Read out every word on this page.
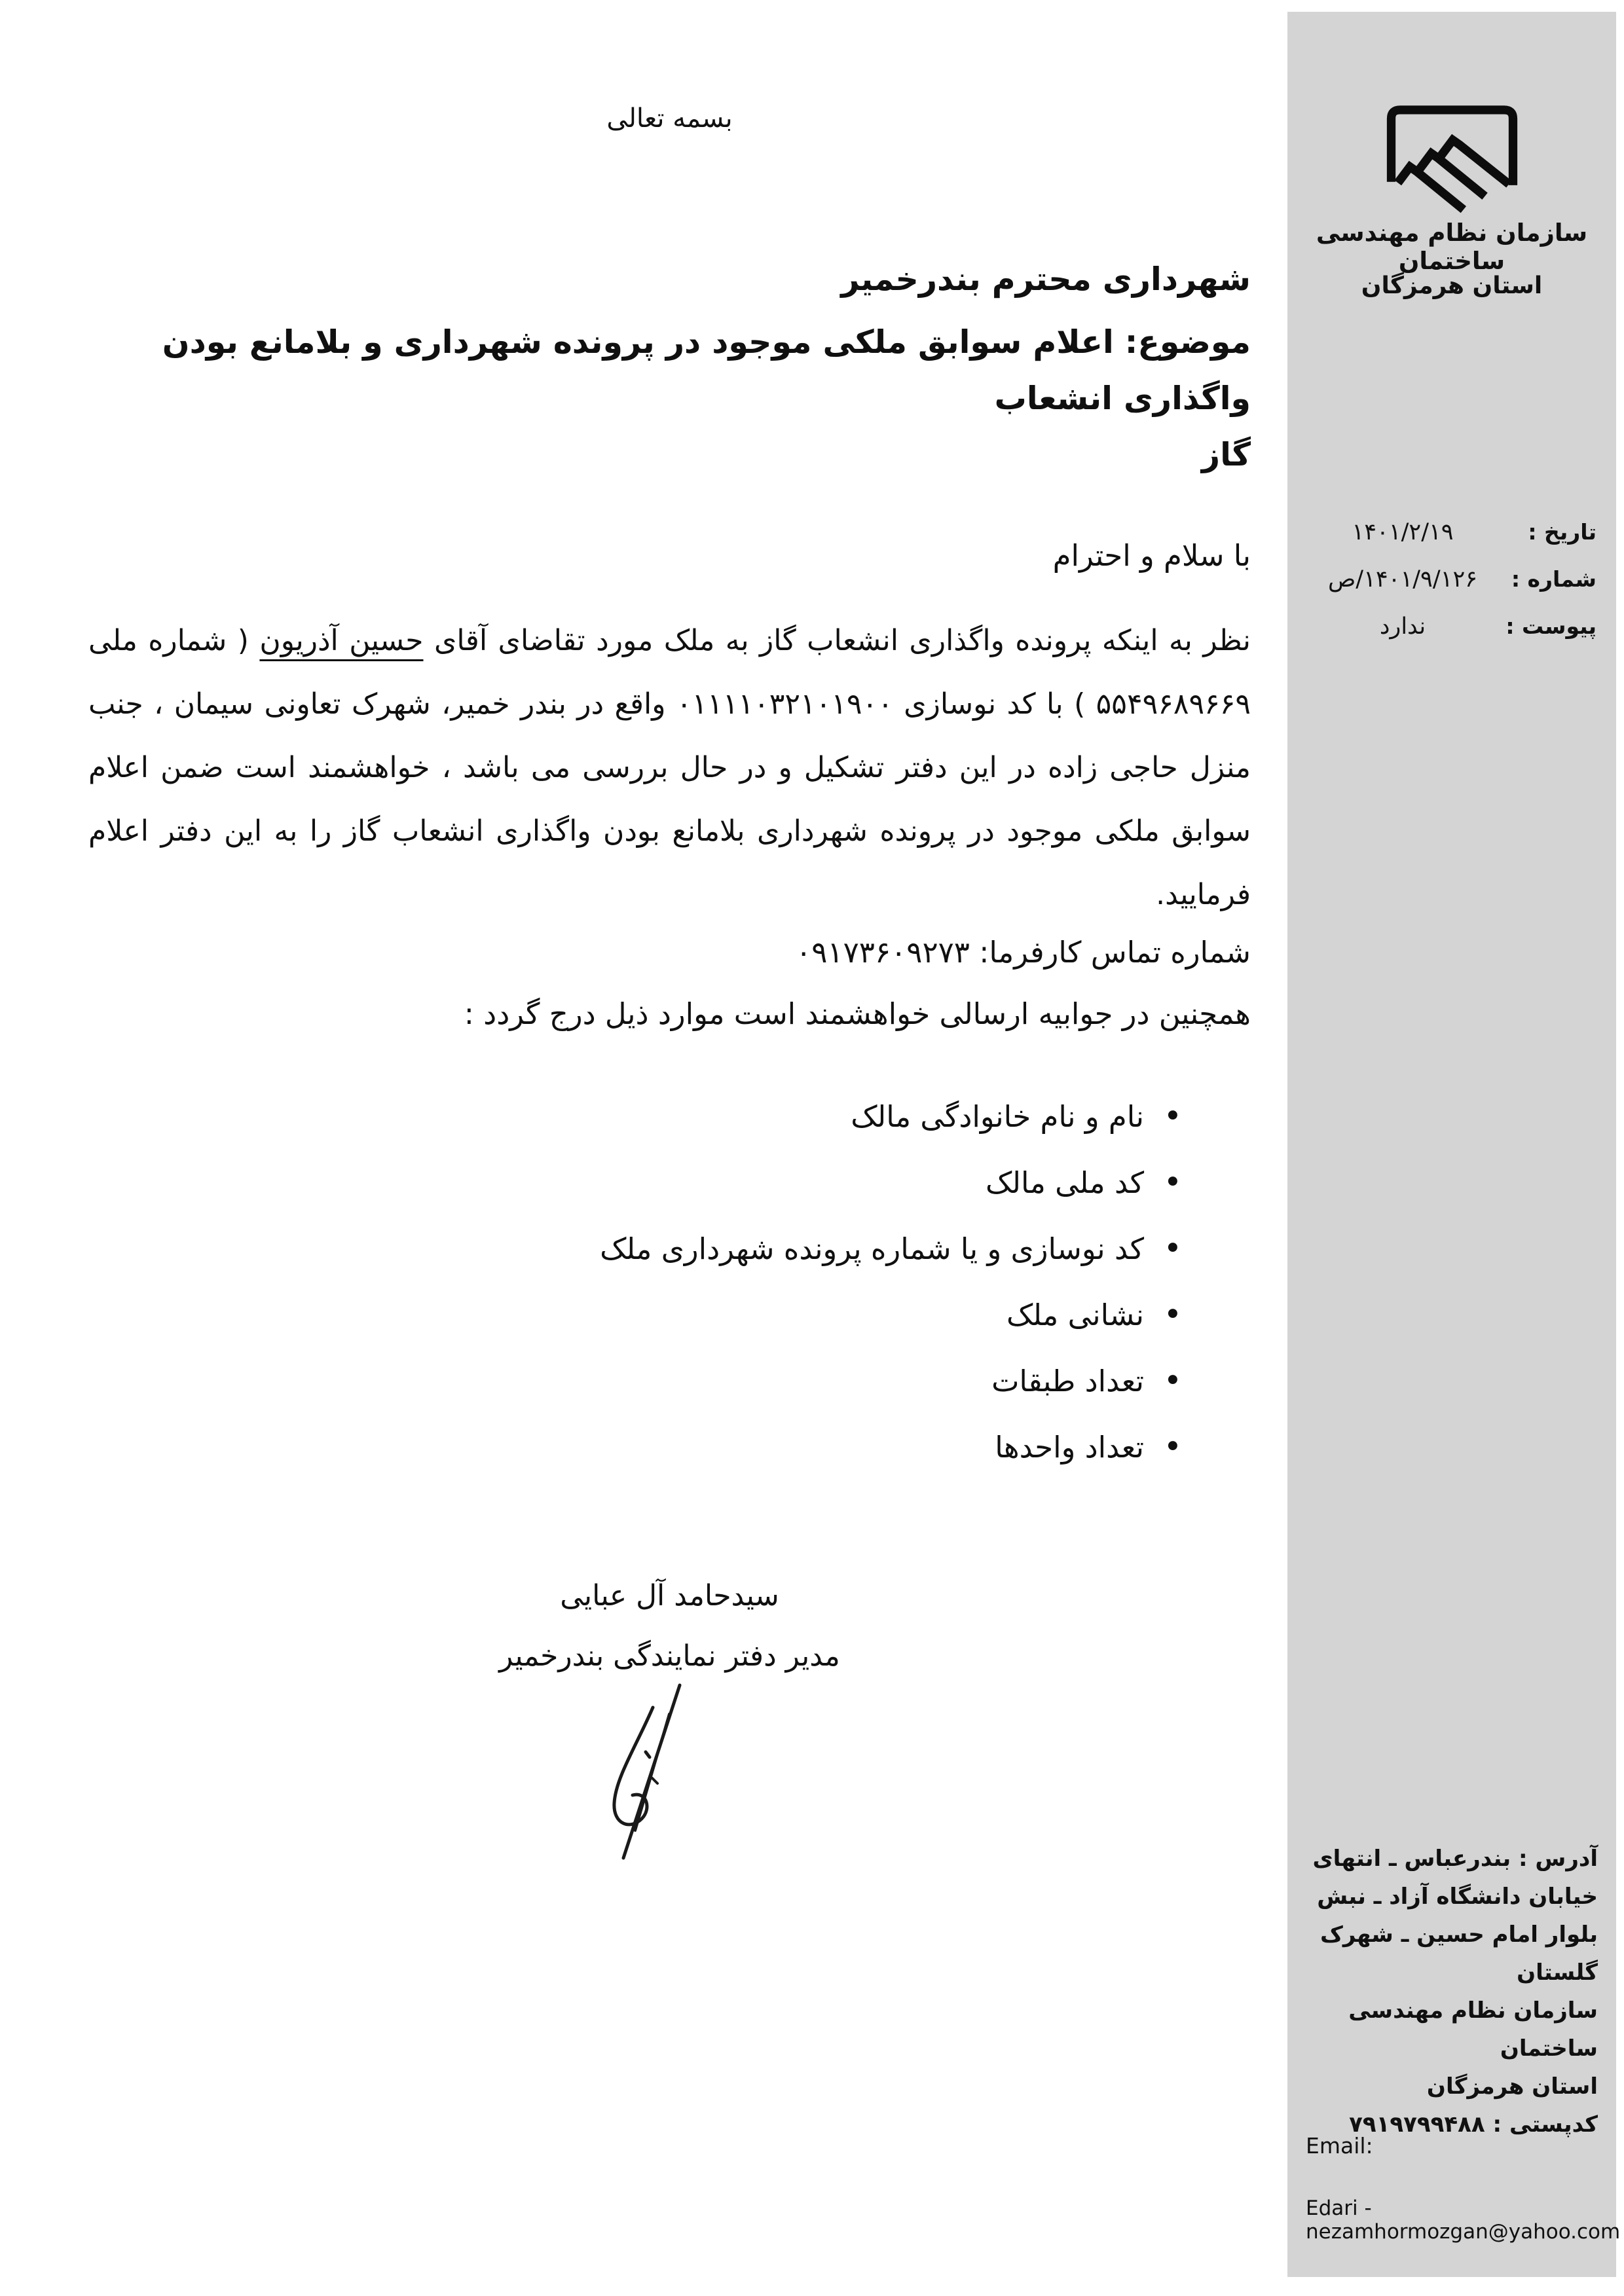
سازمان نظام مهندسی ساختمان
استان هرمزگان
تاریخ :
۱۴۰۱/۲/۱۹
شماره :
۱۴۰۱/۹/۱۲۶/ص
پیوست :
ندارد
آدرس : بندرعباس ـ انتهای
خیابان دانشگاه آزاد ـ نبش
بلوار امام حسین ـ شهرک
گلستان
سازمان نظام مهندسی ساختمان
استان هرمزگان
کدپستی : ۷۹۱۹۷۹۹۴۸۸
Email:
Edari - nezamhormozgan@yahoo.com
بسمه تعالی
شهرداری محترم بندرخمیر
موضوع: اعلام سوابق ملکی موجود در پرونده شهرداری و بلامانع بودن واگذاری انشعاب
گاز
با سلام و احترام

نظر به اینکه پرونده واگذاری انشعاب گاز به ملک مورد تقاضای آقای حسین آذریون ( شماره ملی ۵۵۴۹۶۸۹۶۶۹ ) با کد نوسازی ۰۱۱۱۱۰۳۲۱۰۱۹۰۰ واقع در بندر خمیر، شهرک تعاونی سیمان ، جنب منزل حاجی زاده در این دفتر تشکیل و در حال بررسی می باشد ، خواهشمند است ضمن اعلام سوابق ملکی موجود در پرونده شهرداری بلامانع بودن واگذاری انشعاب گاز را به این دفتر اعلام فرمایید.

شماره تماس کارفرما: ۰۹۱۷۳۶۰۹۲۷۳
همچنین در جوابیه ارسالی خواهشمند است موارد ذیل درج گردد :
• نام و نام خانوادگی مالک
• کد ملی مالک
• کد نوسازی و یا شماره پرونده شهرداری ملک
• نشانی ملک
• تعداد طبقات
• تعداد واحدها
سیدحامد آل عبایی
مدیر دفتر نمایندگی بندرخمیر
